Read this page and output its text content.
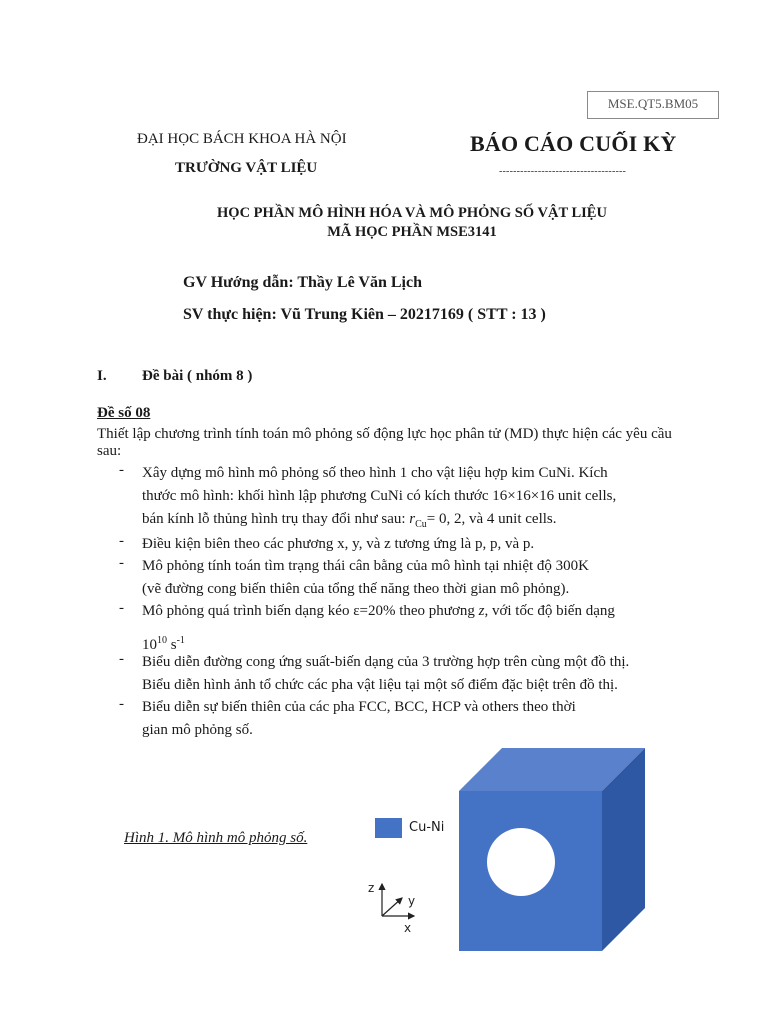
MSE.QT5.BM05
ĐẠI HỌC BÁCH KHOA HÀ NỘI
TRƯỜNG VẬT LIỆU
BÁO CÁO CUỐI KỲ
------------------------------------
HỌC PHẦN MÔ HÌNH HÓA VÀ MÔ PHỎNG SỐ VẬT LIỆU
MÃ HỌC PHẦN MSE3141
GV Hướng dẫn: Thầy Lê Văn Lịch
SV thực hiện: Vũ Trung Kiên – 20217169 ( STT : 13 )
I. Đề bài ( nhóm 8 )
Đề số 08
Thiết lập chương trình tính toán mô phỏng số động lực học phân tử (MD) thực hiện các yêu cầu sau:
- Xây dựng mô hình mô phỏng số theo hình 1 cho vật liệu hợp kim CuNi. Kích
thước mô hình: khối hình lập phương CuNi có kích thước 16×16×16 unit cells,
bán kính lỗ thủng hình trụ thay đổi như sau: $r_{Cu}= 0$, 2, và 4 unit cells.
- Điều kiện biên theo các phương x, y, và z tương ứng là p, p, và p.
- Mô phỏng tính toán tìm trạng thái cân bằng của mô hình tại nhiệt độ 300K
(vẽ đường cong biến thiên của tổng thế năng theo thời gian mô phỏng).
- Mô phỏng quá trình biến dạng kéo ε=20% theo phương z, với tốc độ biến dạng
$10^{10}$ $s^{-1}$
- Biểu diễn đường cong ứng suất-biến dạng của 3 trường hợp trên cùng một đồ thị.
Biểu diễn hình ảnh tổ chức các pha vật liệu tại một số điểm đặc biệt trên đồ thị.
- Biểu diễn sự biến thiên của các pha FCC, BCC, HCP và others theo thời
gian mô phỏng số.
Hình 1. Mô hình mô phỏng số.
Cu-Ni
z
y
x
